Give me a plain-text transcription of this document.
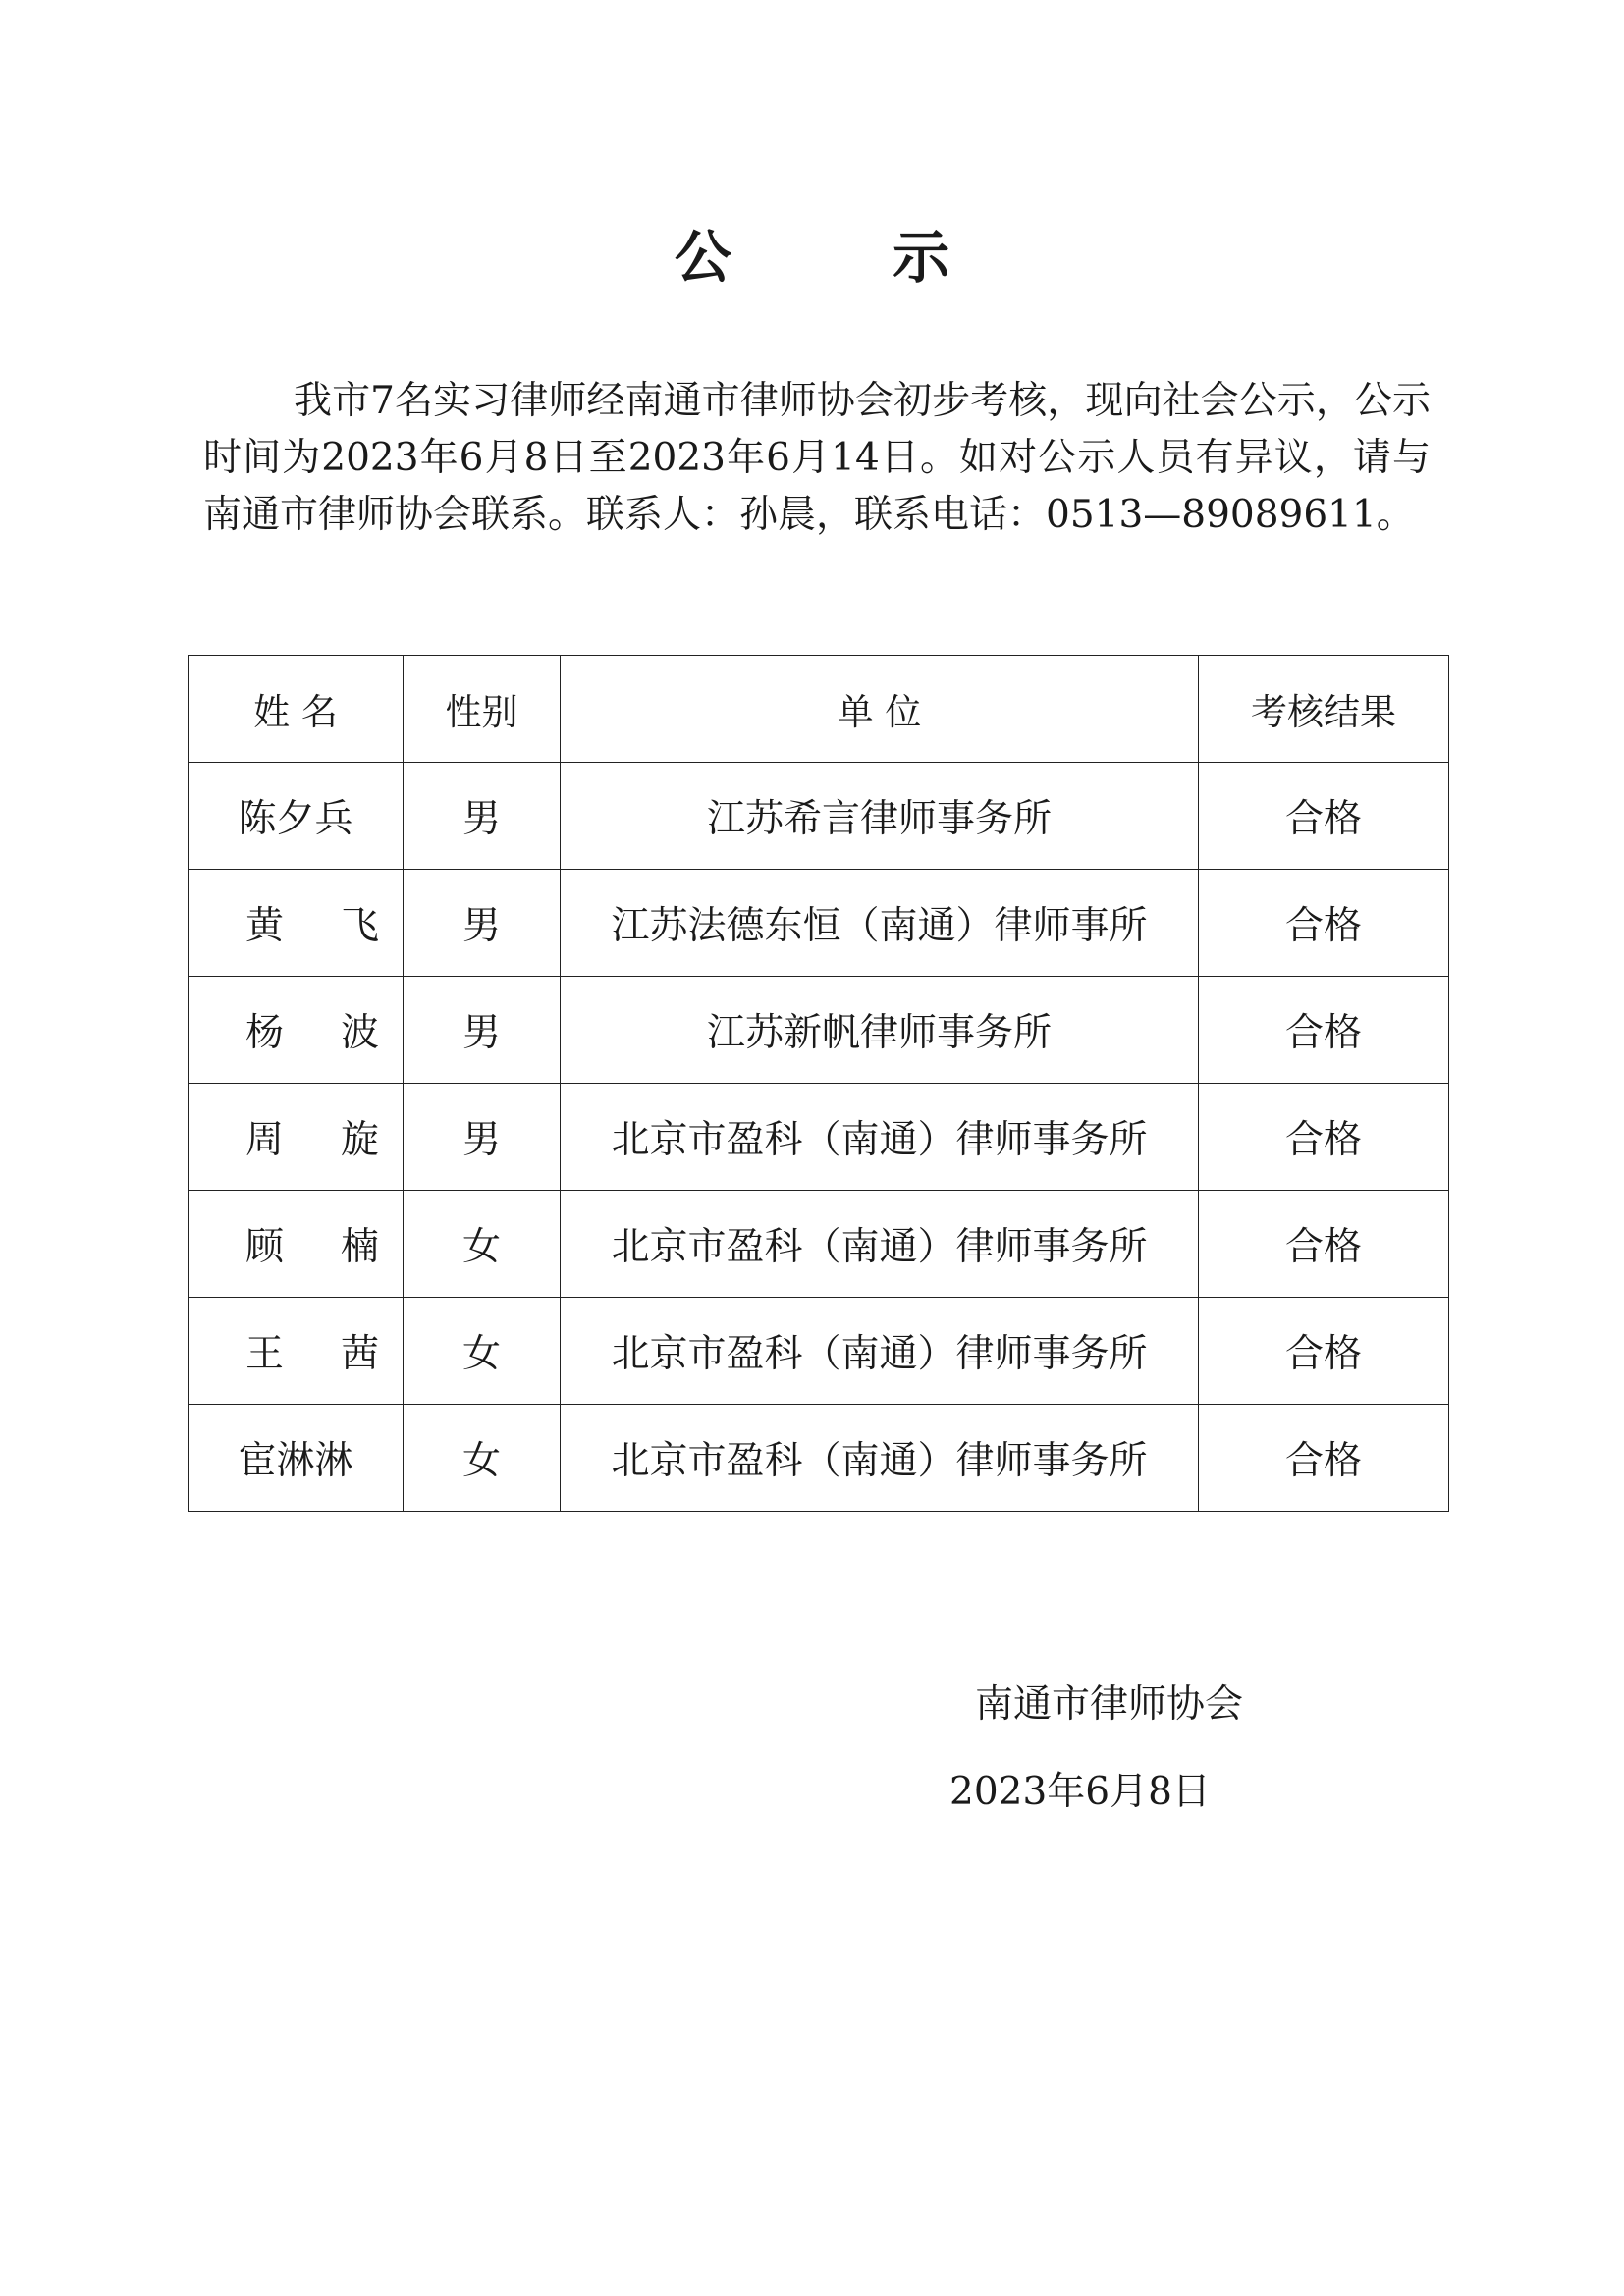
公 示

我市7名实习律师经南通市律师协会初步考核，现向社会公示，公示时间为2023年6月8日至2023年6月14日。如对公示人员有异议，请与南通市律师协会联系。联系人：孙晨，联系电话：0513—89089611。

姓 名	性别	单 位	考核结果
陈夕兵	男	江苏希言律师事务所	合格
黄飞	男	江苏法德东恒（南通）律师事所	合格
杨波	男	江苏新帆律师事务所	合格
周旋	男	北京市盈科（南通）律师事务所	合格
顾楠	女	北京市盈科（南通）律师事务所	合格
王茜	女	北京市盈科（南通）律师事务所	合格
宦淋淋	女	北京市盈科（南通）律师事务所	合格
南通市律师协会
2023年6月8日
